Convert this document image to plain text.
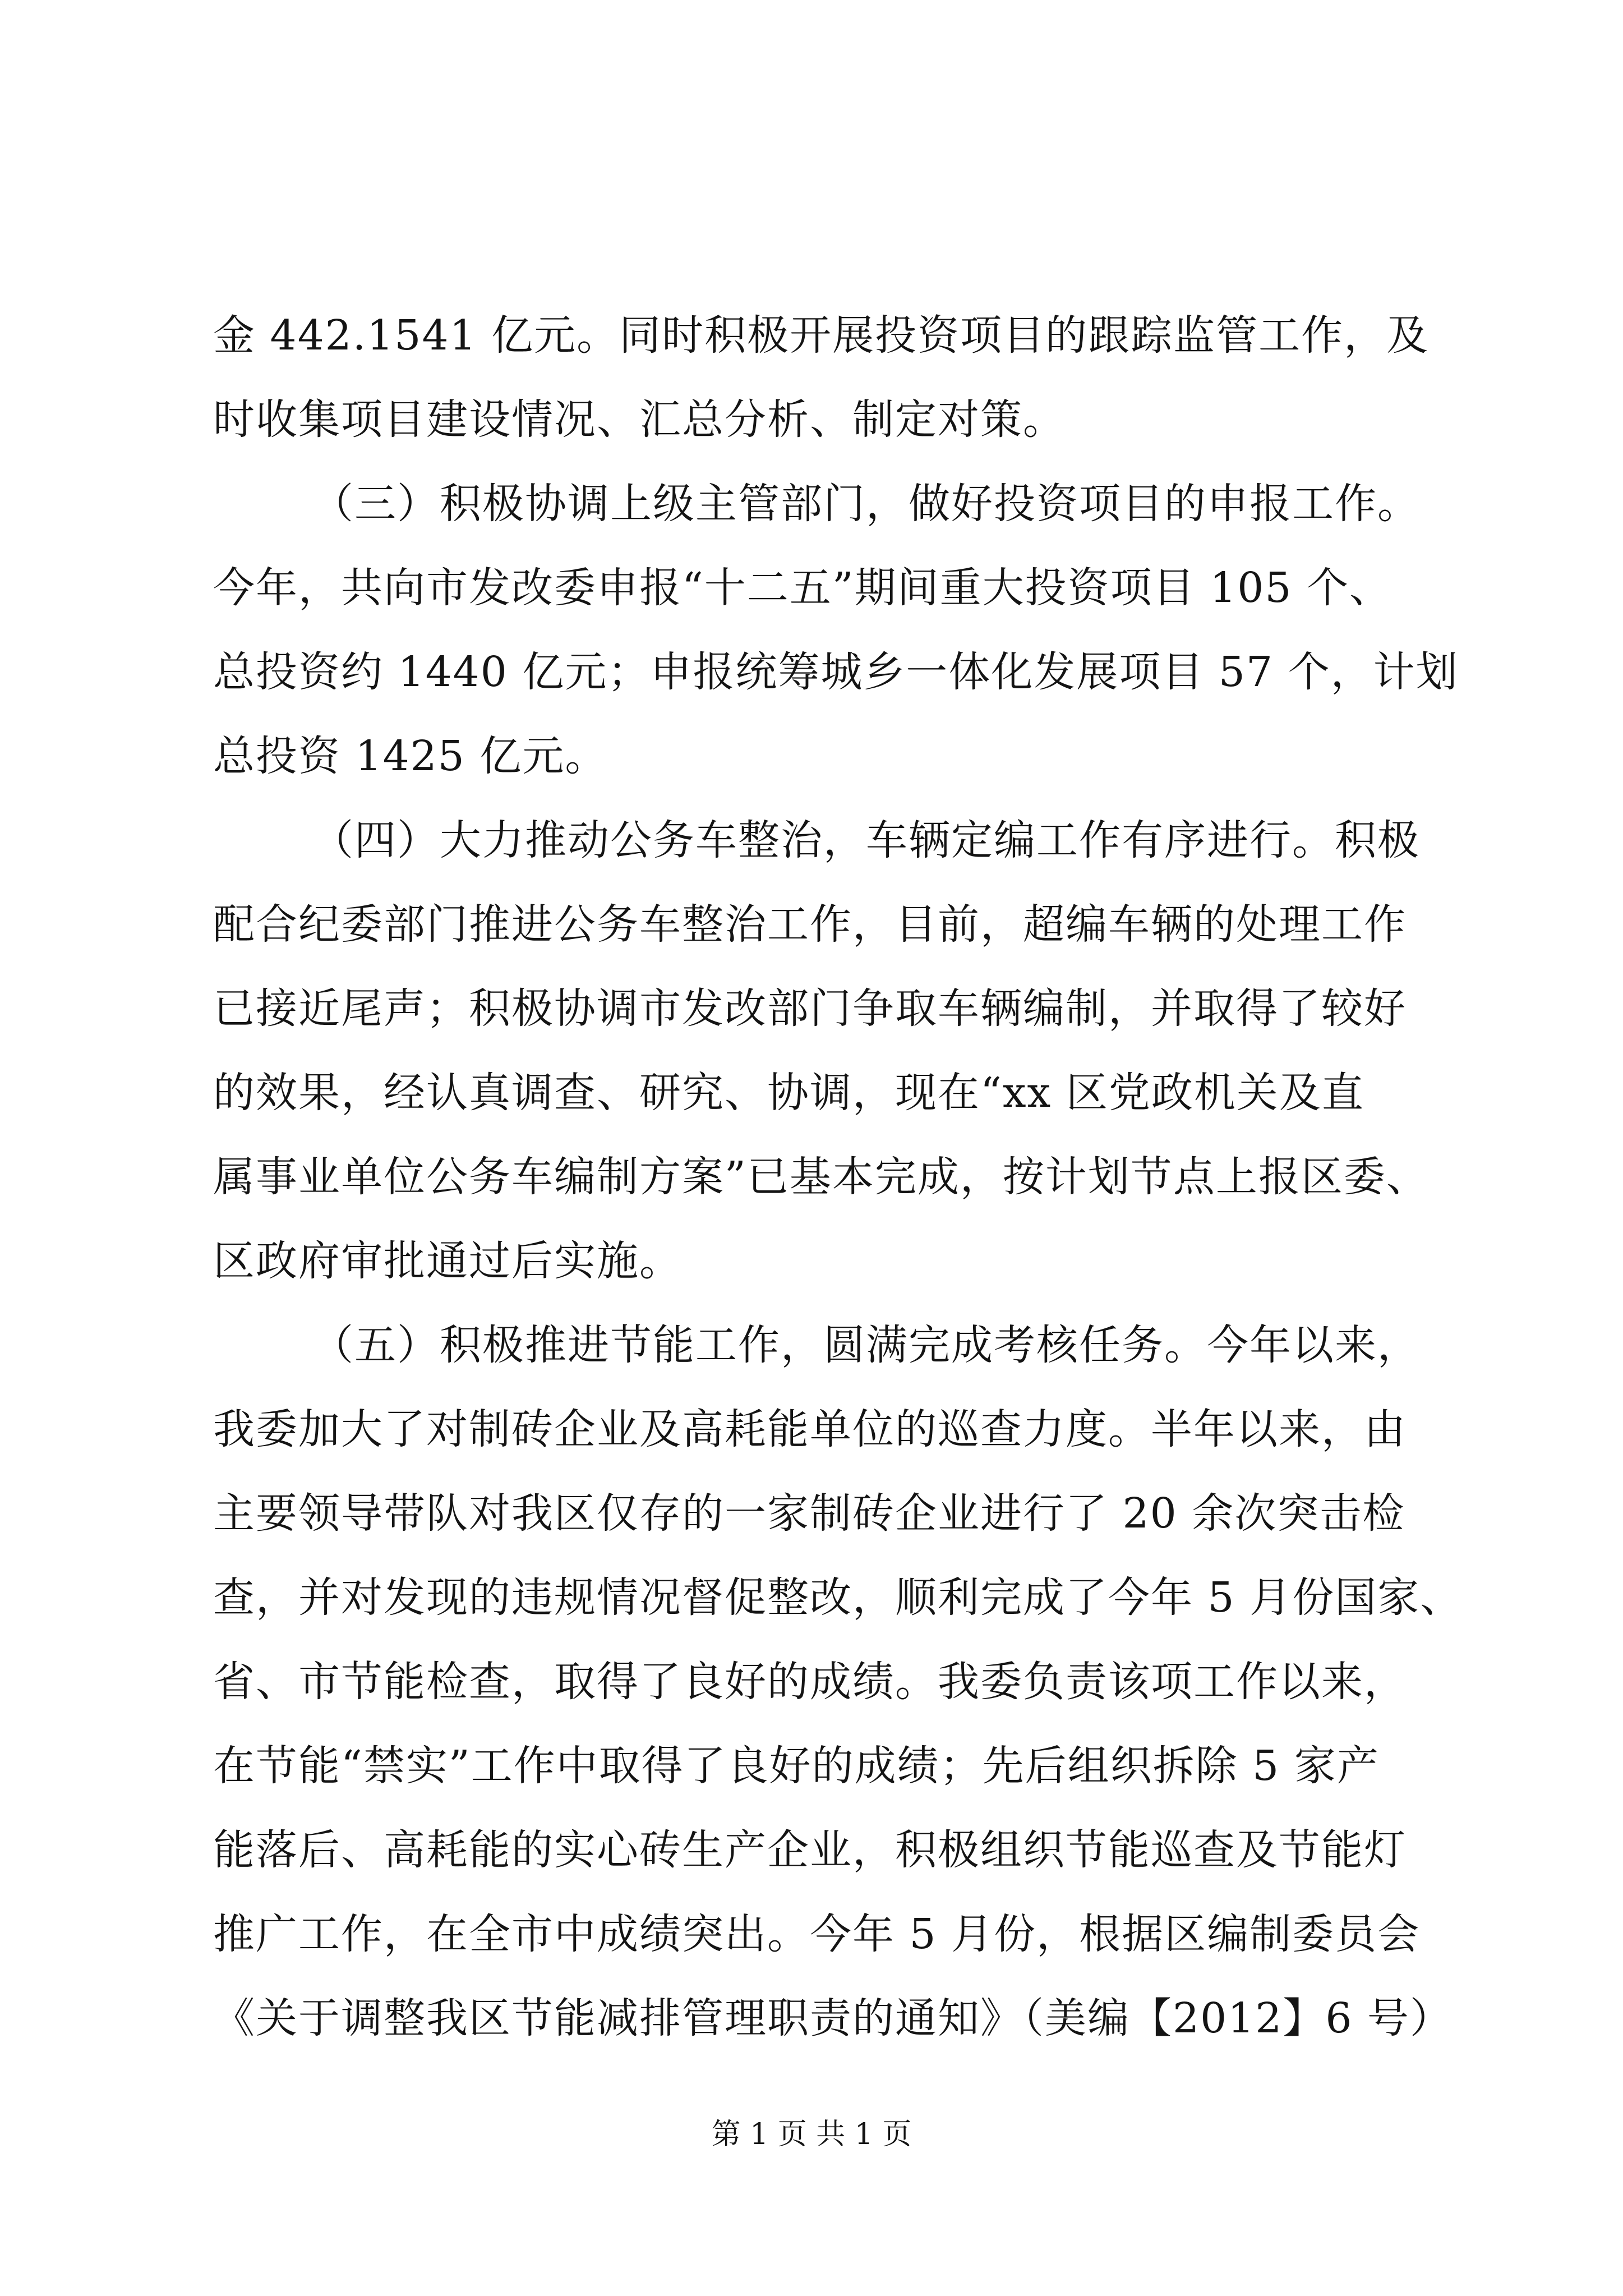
金 442.1541 亿元。同时积极开展投资项目的跟踪监管工作，及
时收集项目建设情况、汇总分析、制定对策。
（三）积极协调上级主管部门，做好投资项目的申报工作。
今年，共向市发改委申报“十二五”期间重大投资项目 105 个、
总投资约 1440 亿元；申报统筹城乡一体化发展项目 57 个，计划
总投资 1425 亿元。
（四）大力推动公务车整治，车辆定编工作有序进行。积极
配合纪委部门推进公务车整治工作，目前，超编车辆的处理工作
已接近尾声；积极协调市发改部门争取车辆编制，并取得了较好
的效果，经认真调查、研究、协调，现在“xx 区党政机关及直
属事业单位公务车编制方案”已基本完成，按计划节点上报区委、
区政府审批通过后实施。
（五）积极推进节能工作，圆满完成考核任务。今年以来，
我委加大了对制砖企业及高耗能单位的巡查力度。半年以来，由
主要领导带队对我区仅存的一家制砖企业进行了 20 余次突击检
查，并对发现的违规情况督促整改，顺利完成了今年 5 月份国家、
省、市节能检查，取得了良好的成绩。我委负责该项工作以来，
在节能“禁实”工作中取得了良好的成绩；先后组织拆除 5 家产
能落后、高耗能的实心砖生产企业，积极组织节能巡查及节能灯
推广工作，在全市中成绩突出。今年 5 月份，根据区编制委员会
《关于调整我区节能减排管理职责的通知》（美编【2012】6 号）
第 1 页 共 1 页
